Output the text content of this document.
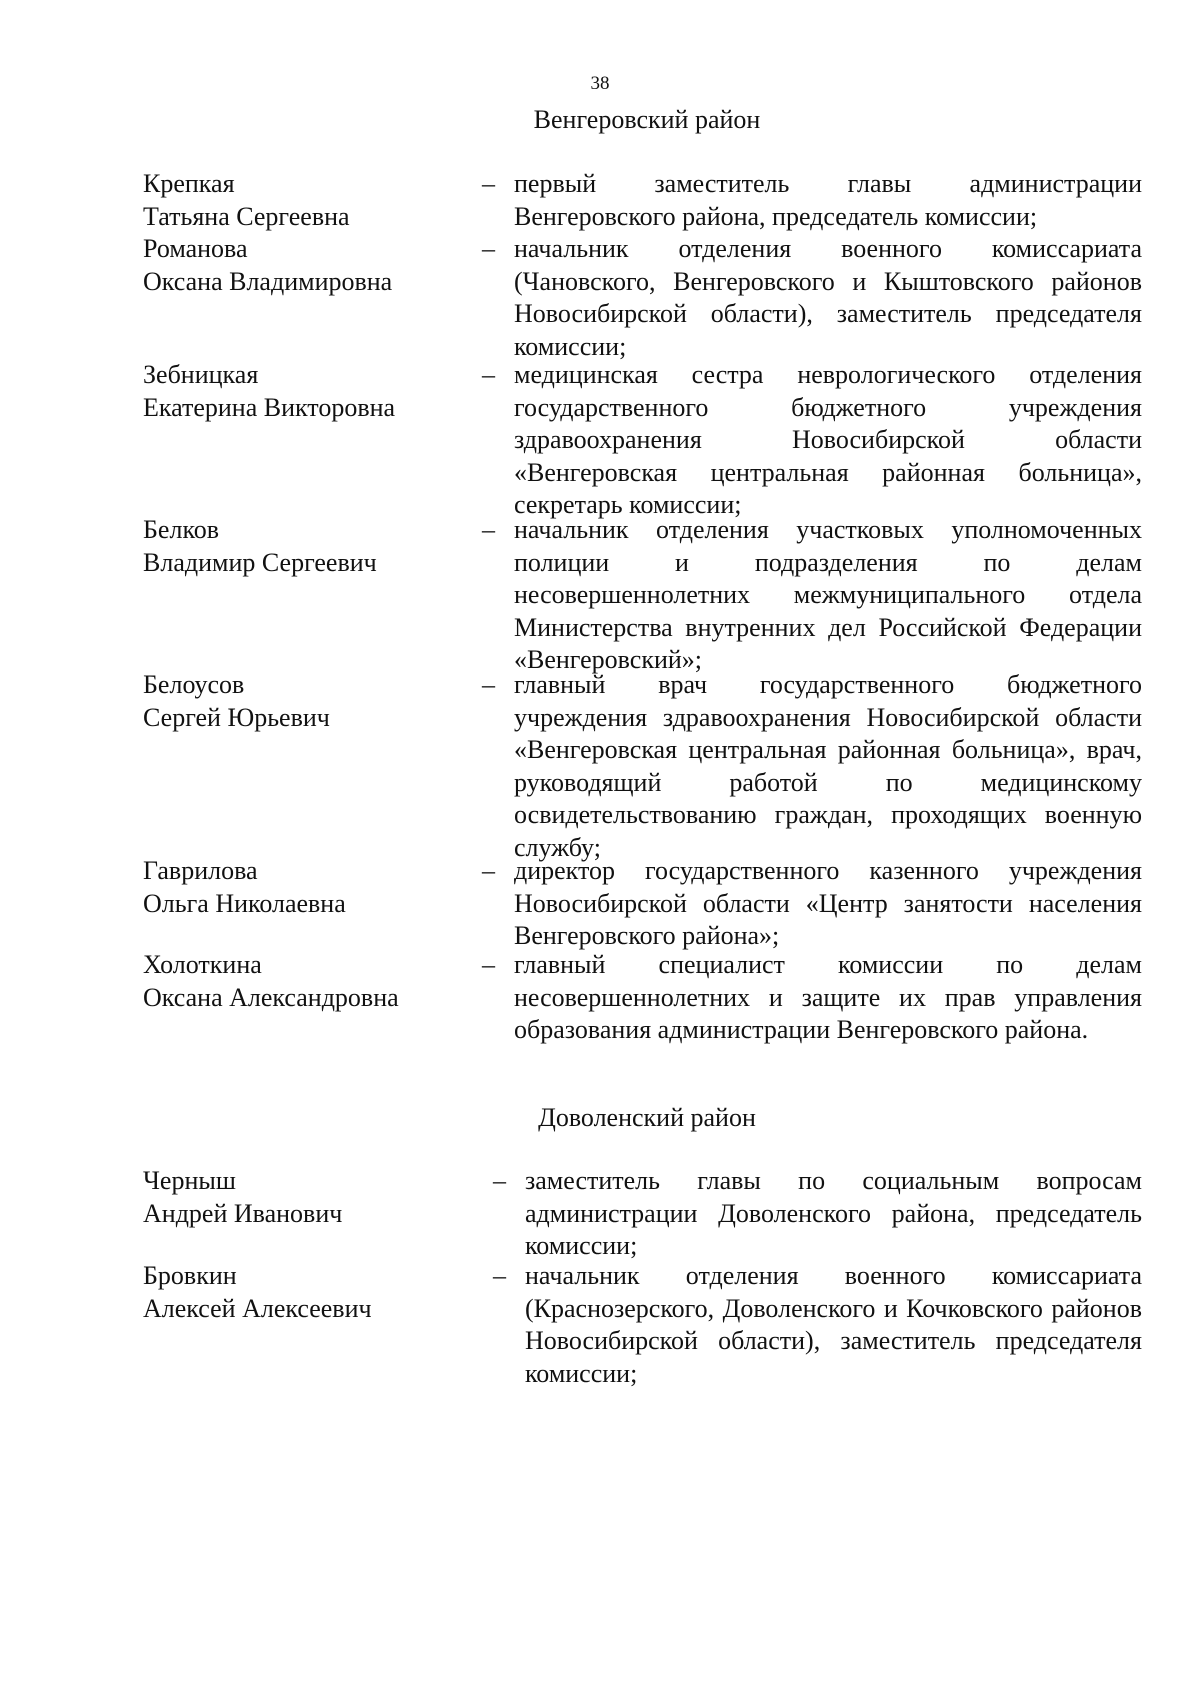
38
Венгеровский район
Крепкая
Татьяна Сергеевна
– первый заместитель главы администрации Венгеровского района, председатель комиссии;
Романова
Оксана Владимировна
– начальник отделения военного комиссариата (Чановского, Венгеровского и Кыштовского районов Новосибирской области), заместитель председателя комиссии;
Зебницкая
Екатерина Викторовна
– медицинская сестра неврологического отделения государственного бюджетного учреждения здравоохранения Новосибирской области «Венгеровская центральная районная больница», секретарь комиссии;
Белков
Владимир Сергеевич
– начальник отделения участковых уполномоченных полиции и подразделения по делам несовершеннолетних межмуниципального отдела Министерства внутренних дел Российской Федерации «Венгеровский»;
Белоусов
Сергей Юрьевич
– главный врач государственного бюджетного учреждения здравоохранения Новосибирской области «Венгеровская центральная районная больница», врач, руководящий работой по медицинскому освидетельствованию граждан, проходящих военную службу;
Гаврилова
Ольга Николаевна
– директор государственного казенного учреждения Новосибирской области «Центр занятости населения Венгеровского района»;
Холоткина
Оксана Александровна
– главный специалист комиссии по делам несовершеннолетних и защите их прав управления образования администрации Венгеровского района.
Доволенский район
Черныш
Андрей Иванович
– заместитель главы по социальным вопросам администрации Доволенского района, председатель комиссии;
Бровкин
Алексей Алексеевич
– начальник отделения военного комиссариата (Краснозерского, Доволенского и Кочковского районов Новосибирской области), заместитель председателя комиссии;
